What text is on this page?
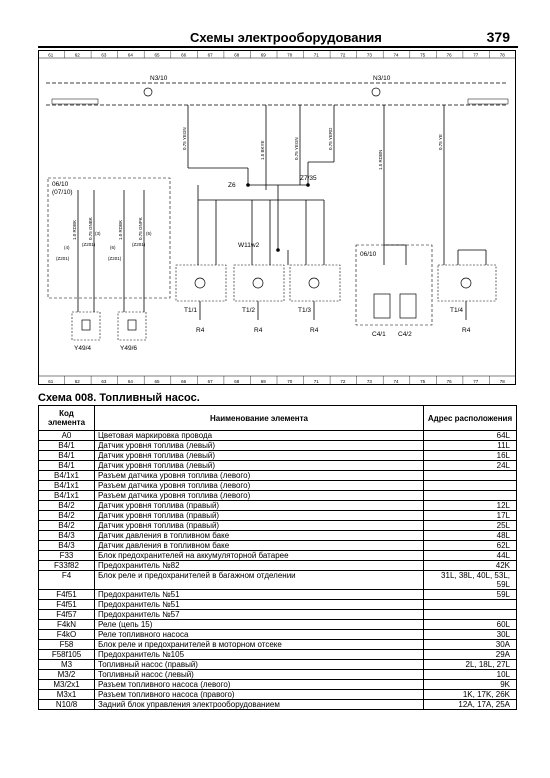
Схемы электрооборудования	379
61	62	63	64	65	66	67	68	69	70	71	72	73	74	75	76	77	78
61	62	63	64	65	66	67	68	69	70	71	72	73	74	75	76	77	78
N3/10	N3/10
Z6
Z7/35
W11w2
0.75 YEGN
1.5 BKYE	0.75 YEGN	0.75 YERD
1.5 RDBN
0.75 YE
06/10
(07/10)
1.0 RDBK 0.75 GNBK	1.0 RDBK	0.75 GNPK
(4)
(3)
(6)
(5)
(Z201)
(Z201)
(Z201)
(Z201)
Y49/4	Y49/6
T1/1	T1/2	T1/3	T1/4
06/10
C4/1 C4/2
R4	R4	R4	R4
Схема 008. Топливный насос.
Код элемента	Наименование элемента	Адрес расположения
A0	Цветовая маркировка провода	64L
B4/1	Датчик уровня топлива (левый)	11L
B4/1	Датчик уровня топлива (левый)	16L
B4/1	Датчик уровня топлива (левый)	24L
B4/1x1	Разъем датчика уровня топлива (левого)	
B4/1x1	Разъем датчика уровня топлива (левого)	
B4/1x1	Разъем датчика уровня топлива (левого)	
B4/2	Датчик уровня топлива (правый)	12L
B4/2	Датчик уровня топлива (правый)	17L
B4/2	Датчик уровня топлива (правый)	25L
B4/3	Датчик давления в топливном баке	48L
B4/3	Датчик давления в топливном баке	62L
F33	Блок предохранителей на аккумуляторной батарее	44L
F33f82	Предохранитель №82	42K
F4	Блок реле и предохранителей в багажном отделении	31L, 38L, 40L, 53L, 59L
F4f51	Предохранитель №51	59L
F4f51	Предохранитель №51	
F4f57	Предохранитель №57	
F4kN	Реле (цепь 15)	60L
F4kO	Реле топливного насоса	30L
F58	Блок реле и предохранителей в моторном отсеке	30A
F58f105	Предохранитель №105	29A
M3	Топливный насос (правый)	2L, 18L, 27L
M3/2	Топливный насос (левый)	10L
M3/2x1	Разъем топливного насоса (левого)	9K
M3x1	Разъем топливного насоса (правого)	1K, 17K, 26K
N10/8	Задний блок управления электрооборудованием	12A, 17A, 25A
